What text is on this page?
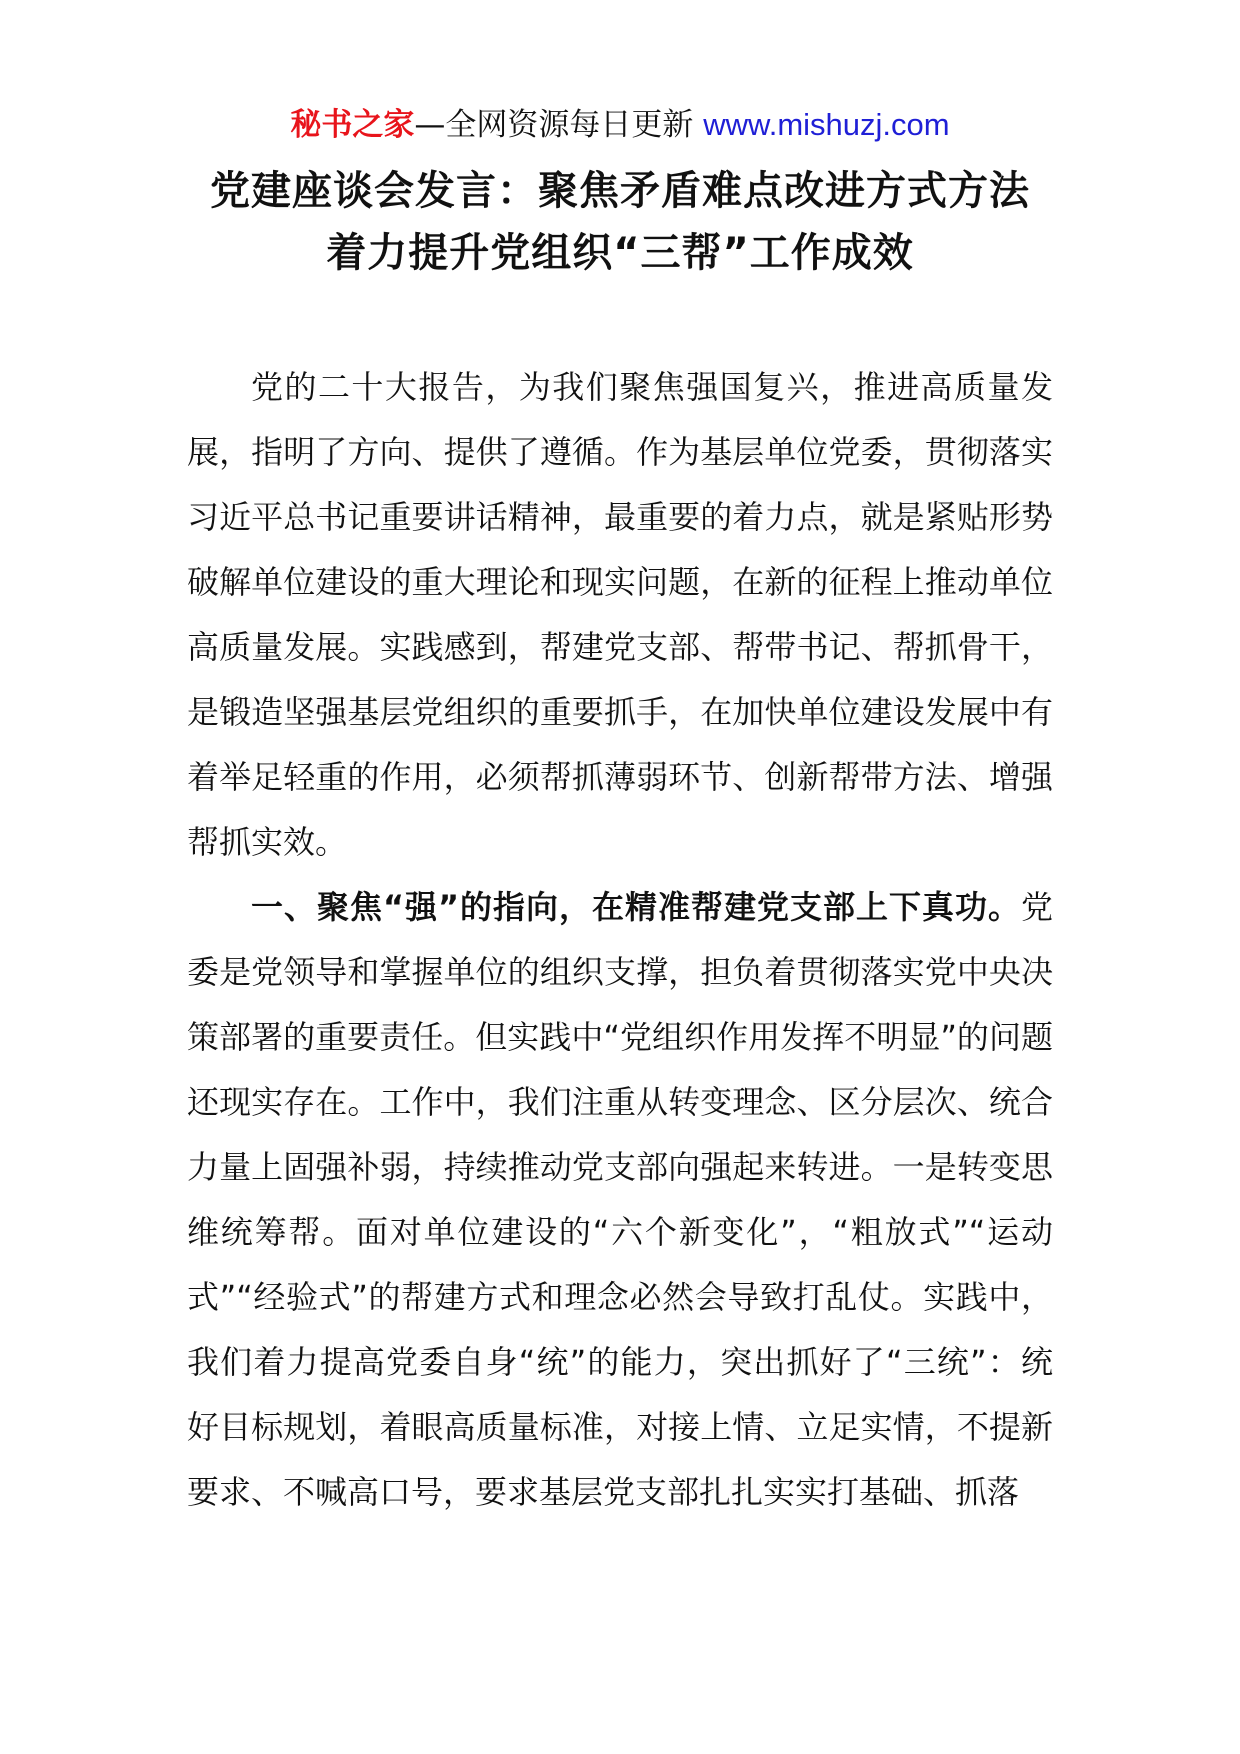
秘书之家—全网资源每日更新 www.mishuzj.com
党建座谈会发言：聚焦矛盾难点改进方式方法
着力提升党组织“三帮”工作成效

党的二十大报告，为我们聚焦强国复兴，推进高质量发展，指明了方向、提供了遵循。作为基层单位党委，贯彻落实习近平总书记重要讲话精神，最重要的着力点，就是紧贴形势破解单位建设的重大理论和现实问题，在新的征程上推动单位高质量发展。实践感到，帮建党支部、帮带书记、帮抓骨干，是锻造坚强基层党组织的重要抓手，在加快单位建设发展中有着举足轻重的作用，必须帮抓薄弱环节、创新帮带方法、增强帮抓实效。

一、聚焦“强”的指向，在精准帮建党支部上下真功。党委是党领导和掌握单位的组织支撑，担负着贯彻落实党中央决策部署的重要责任。但实践中“党组织作用发挥不明显”的问题还现实存在。工作中，我们注重从转变理念、区分层次、统合力量上固强补弱，持续推动党支部向强起来转进。一是转变思维统筹帮。面对单位建设的“六个新变化”，“粗放式”“运动式”“经验式”的帮建方式和理念必然会导致打乱仗。实践中，我们着力提高党委自身“统”的能力，突出抓好了“三统”：统好目标规划，着眼高质量标准，对接上情、立足实情，不提新要求、不喊高口号，要求基层党支部扎扎实实打基础、抓落
